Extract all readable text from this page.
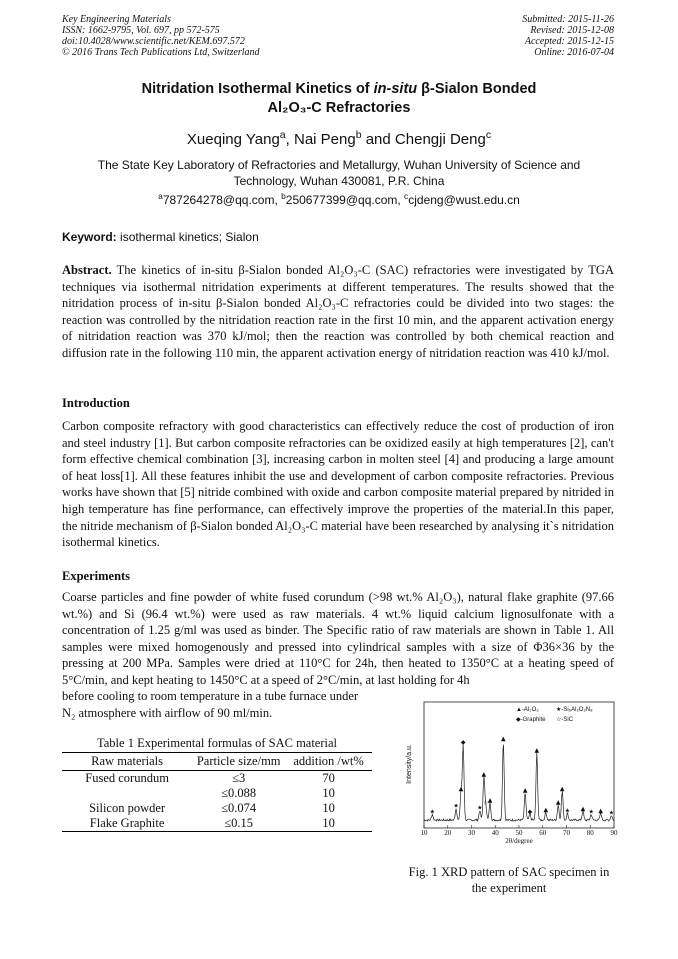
Key Engineering Materials
ISSN: 1662-9795, Vol. 697, pp 572-575
doi:10.4028/www.scientific.net/KEM.697.572
© 2016 Trans Tech Publications Ltd, Switzerland
Submitted: 2015-11-26
Revised: 2015-12-08
Accepted: 2015-12-15
Online: 2016-07-04
Nitridation Isothermal Kinetics of in-situ β-Sialon Bonded
Al₂O₃-C Refractories
Xueqing Yang$^a$, Nai Peng$^b$ and Chengji Deng$^c$
The State Key Laboratory of Refractories and Metallurgy, Wuhan University of Science and Technology, Wuhan 430081, P.R. China
$^a$787264278@qq.com, $^b$250677399@qq.com, $^c$cjdeng@wust.edu.cn
Keyword: isothermal kinetics; Sialon
Abstract. The kinetics of in-situ β-Sialon bonded Al₂O₃-C (SAC) refractories were investigated by TGA techniques via isothermal nitridation experiments at different temperatures. The results showed that the nitridation process of in-situ β-Sialon bonded Al₂O₃-C refractories could be divided into two stages: the reaction was controlled by the nitridation reaction rate in the first 10 min, and the apparent activation energy of nitridation reaction was 370 kJ/mol; then the reaction was controlled by both chemical reaction and diffusion rate in the following 110 min, the apparent activation energy of nitridation reaction was 410 kJ/mol.
Introduction
Carbon composite refractory with good characteristics can effectively reduce the cost of production of iron and steel industry [1]. But carbon composite refractories can be oxidized easily at high temperatures [2], can't form effective chemical combination [3], increasing carbon in molten steel [4] and producing a large amount of heat loss[1]. All these features inhibit the use and development of carbon composite refractories. Previous works have shown that [5] nitride combined with oxide and carbon composite material prepared by nitrided in high temperature has fine performance, can effectively improve the properties of the material.In this paper, the nitride mechanism of β-Sialon bonded Al₂O₃-C material have been researched by analysing it`s nitridation isothermal kinetics.
Experiments
Coarse particles and fine powder of white fused corundum (>98 wt.% Al₂O₃), natural flake graphite (97.66 wt.%) and Si (96.4 wt.%) were used as raw materials. 4 wt.% liquid calcium lignosulfonate with a concentration of 1.25 g/ml was used as binder. The Specific ratio of raw materials are shown in Table 1. All samples were mixed homogenously and pressed into cylindrical samples with a size of Φ36×36 by the pressing at 200 MPa. Samples were dried at 110°C for 24h, then heated to 1350°C at a heating speed of 5°C/min, and kept heating to 1450°C at a speed of 2°C/min, at last holding for 4h
before cooling to room temperature in a tube furnace under
N₂ atmosphere with airflow of 90 ml/min.
Table 1 Experimental formulas of SAC material
Raw materials	Particle size/mm	addition /wt%
Fused corundum	≤3	70
	≤0.088	10
Silicon powder	≤0.074	10
Flake Graphite	≤0.15	10
Intensity/a.u.
▲-Al₂O₃	★-Si₆Al₂O₂N₈
◆-Graphite ☆-SiC
★
★
▲
◆
★
▲
☆ ▲
▲
▲
◆
▲
▲
▲
▲
★ ▲ ★ ▲ ★
10 20 30 40 50 60 70 80 90
2θ/degree
Fig. 1 XRD pattern of SAC specimen in the experiment
